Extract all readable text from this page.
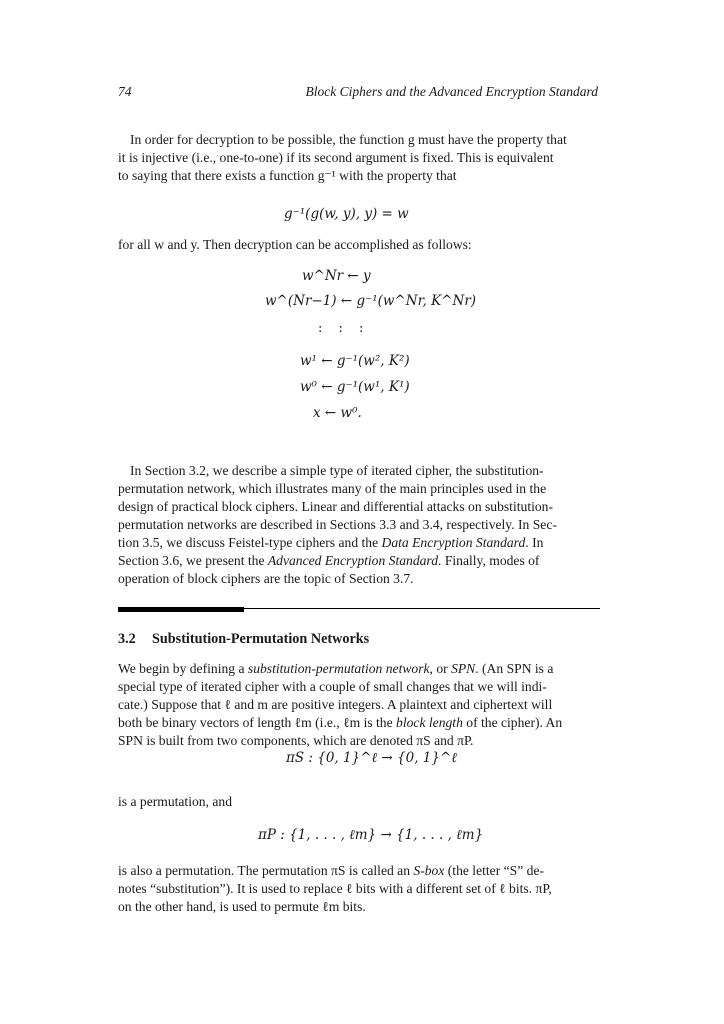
74	Block Ciphers and the Advanced Encryption Standard

In order for decryption to be possible, the function g must have the property that

it is injective (i.e., one-to-one) if its second argument is fixed. This is equivalent

to saying that there exists a function g⁻¹ with the property that

g⁻¹(g(w, y), y) = w

for all w and y. Then decryption can be accomplished as follows:

w^Nr ← y
w^(Nr−1) ← g⁻¹(w^Nr, K^Nr)
: : :
w¹ ← g⁻¹(w², K²)
w⁰ ← g⁻¹(w¹, K¹)
x ← w⁰.

In Section 3.2, we describe a simple type of iterated cipher, the substitution-

permutation network, which illustrates many of the main principles used in the

design of practical block ciphers. Linear and differential attacks on substitution-

permutation networks are described in Sections 3.3 and 3.4, respectively. In Sec-

tion 3.5, we discuss Feistel-type ciphers and the Data Encryption Standard. In

Section 3.6, we present the Advanced Encryption Standard. Finally, modes of

operation of block ciphers are the topic of Section 3.7.

3.2 Substitution-Permutation Networks

We begin by defining a substitution-permutation network, or SPN. (An SPN is a

special type of iterated cipher with a couple of small changes that we will indi-

cate.) Suppose that ℓ and m are positive integers. A plaintext and ciphertext will

both be binary vectors of length ℓm (i.e., ℓm is the block length of the cipher). An

SPN is built from two components, which are denoted πS and πP.

πS : {0, 1}^ℓ → {0, 1}^ℓ

is a permutation, and

πP : {1, . . . , ℓm} → {1, . . . , ℓm}

is also a permutation. The permutation πS is called an S-box (the letter “S” de-

notes “substitution”). It is used to replace ℓ bits with a different set of ℓ bits. πP,

on the other hand, is used to permute ℓm bits.
